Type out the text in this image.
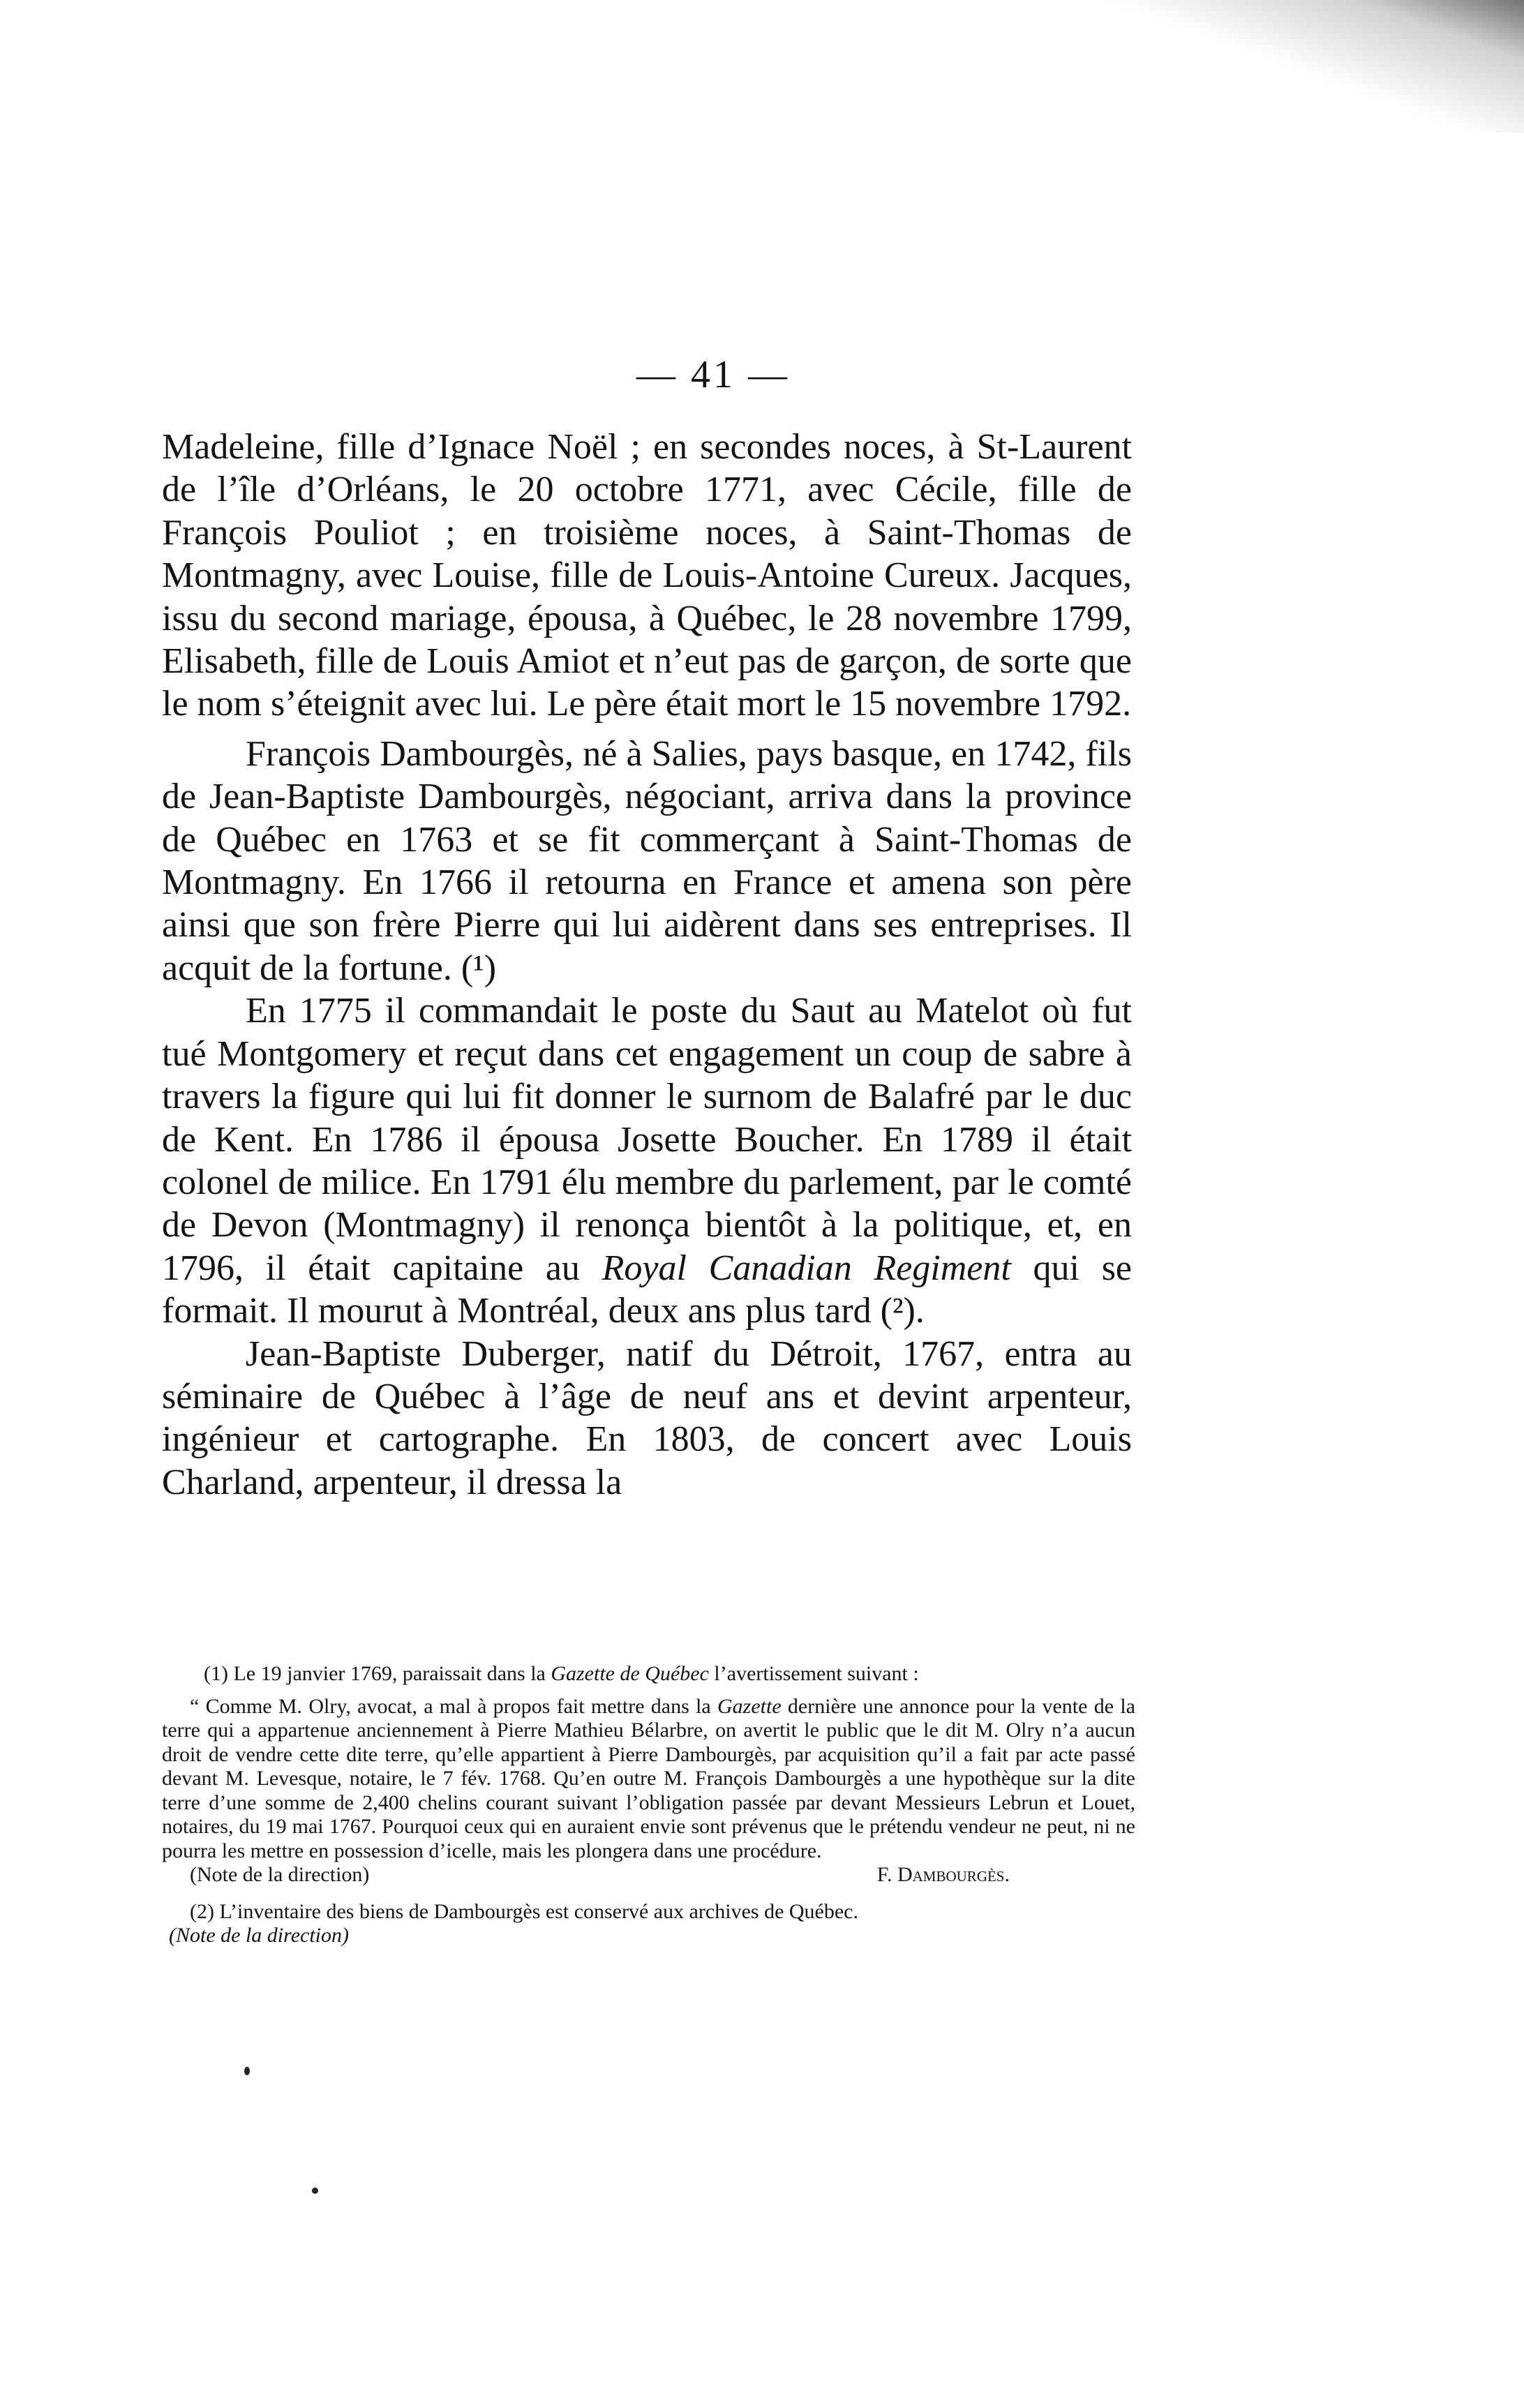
— 41 —

Madeleine, fille d’Ignace Noël ; en secondes noces, à St-Laurent de l’île d’Orléans, le 20 octobre 1771, avec Cécile, fille de François Pouliot ; en troisième noces, à Saint-Thomas de Montmagny, avec Louise, fille de Louis-Antoine Cureux. Jacques, issu du second mariage, épousa, à Québec, le 28 novembre 1799, Elisabeth, fille de Louis Amiot et n’eut pas de garçon, de sorte que le nom s’éteignit avec lui. Le père était mort le 15 novembre 1792.

François Dambourgès, né à Salies, pays basque, en 1742, fils de Jean-Baptiste Dambourgès, négociant, arriva dans la province de Québec en 1763 et se fit commerçant à Saint-Thomas de Montmagny. En 1766 il retourna en France et amena son père ainsi que son frère Pierre qui lui aidèrent dans ses entreprises. Il acquit de la fortune. (¹)

En 1775 il commandait le poste du Saut au Matelot où fut tué Montgomery et reçut dans cet engagement un coup de sabre à travers la figure qui lui fit donner le surnom de Balafré par le duc de Kent. En 1786 il épousa Josette Boucher. En 1789 il était colonel de milice. En 1791 élu membre du parlement, par le comté de Devon (Montmagny) il renonça bientôt à la politique, et, en 1796, il était capitaine au Royal Canadian Regiment qui se formait. Il mourut à Montréal, deux ans plus tard (²).

Jean-Baptiste Duberger, natif du Détroit, 1767, entra au séminaire de Québec à l’âge de neuf ans et devint arpenteur, ingénieur et cartographe. En 1803, de concert avec Louis Charland, arpenteur, il dressa la

(1) Le 19 janvier 1769, paraissait dans la Gazette de Québec l’avertissement suivant :

“ Comme M. Olry, avocat, a mal à propos fait mettre dans la Gazette dernière une annonce pour la vente de la terre qui a appartenue anciennement à Pierre Mathieu Bélarbre, on avertit le public que le dit M. Olry n’a aucun droit de vendre cette dite terre, qu’elle appartient à Pierre Dambourgès, par acquisition qu’il a fait par acte passé devant M. Levesque, notaire, le 7 fév. 1768. Qu’en outre M. François Dambourgès a une hypothèque sur la dite terre d’une somme de 2,400 chelins courant suivant l’obligation passée par devant Messieurs Lebrun et Louet, notaires, du 19 mai 1767. Pourquoi ceux qui en auraient envie sont prévenus que le prétendu vendeur ne peut, ni ne pourra les mettre en possession d’icelle, mais les plongera dans une procédure.

(Note de la direction)	F. Dambourgès.

(2) L’inventaire des biens de Dambourgès est conservé aux archives de Québec.

(Note de la direction)
